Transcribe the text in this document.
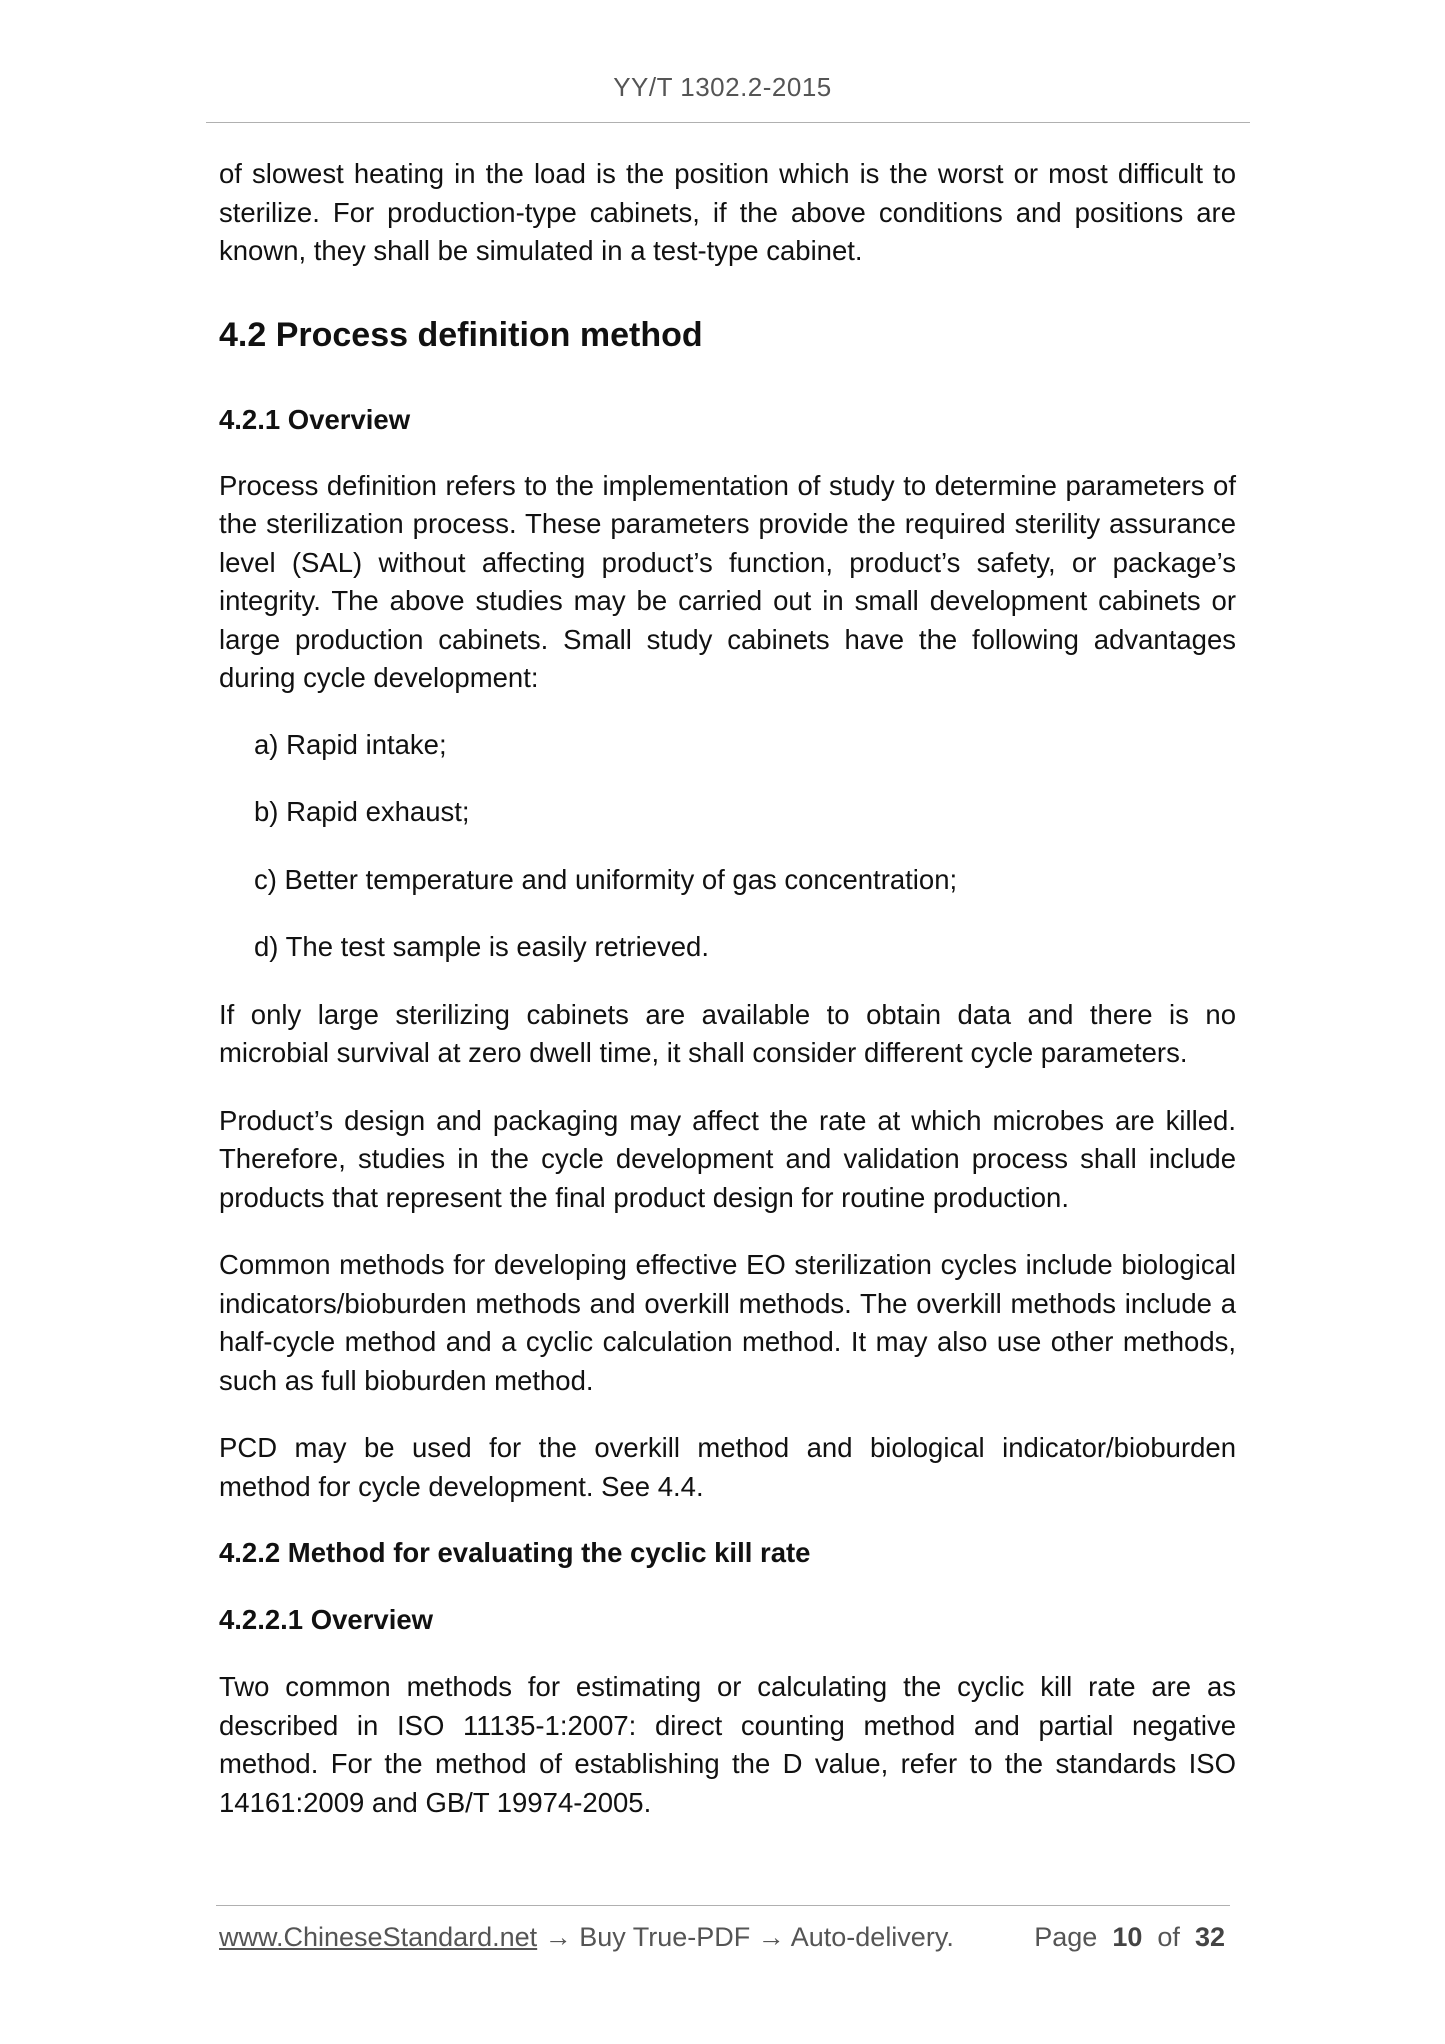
YY/T 1302.2-2015

of slowest heating in the load is the position which is the worst or most difficult to sterilize. For production-type cabinets, if the above conditions and positions are known, they shall be simulated in a test-type cabinet.

4.2 Process definition method
4.2.1 Overview

Process definition refers to the implementation of study to determine parameters of the sterilization process. These parameters provide the required sterility assurance level (SAL) without affecting product’s function, product’s safety, or package’s integrity. The above studies may be carried out in small development cabinets or large production cabinets. Small study cabinets have the following advantages during cycle development:

a) Rapid intake;

b) Rapid exhaust;

c) Better temperature and uniformity of gas concentration;

d) The test sample is easily retrieved.

If only large sterilizing cabinets are available to obtain data and there is no microbial survival at zero dwell time, it shall consider different cycle parameters.

Product’s design and packaging may affect the rate at which microbes are killed. Therefore, studies in the cycle development and validation process shall include products that represent the final product design for routine production.

Common methods for developing effective EO sterilization cycles include biological indicators/bioburden methods and overkill methods. The overkill methods include a half-cycle method and a cyclic calculation method. It may also use other methods, such as full bioburden method.

PCD may be used for the overkill method and biological indicator/bioburden method for cycle development. See 4.4.

4.2.2 Method for evaluating the cyclic kill rate
4.2.2.1 Overview

Two common methods for estimating or calculating the cyclic kill rate are as described in ISO 11135-1:2007: direct counting method and partial negative method. For the method of establishing the D value, refer to the standards ISO 14161:2009 and GB/T 19974-2005.

www.ChineseStandard.net → Buy True-PDF → Auto-delivery.	Page 10 of 32
